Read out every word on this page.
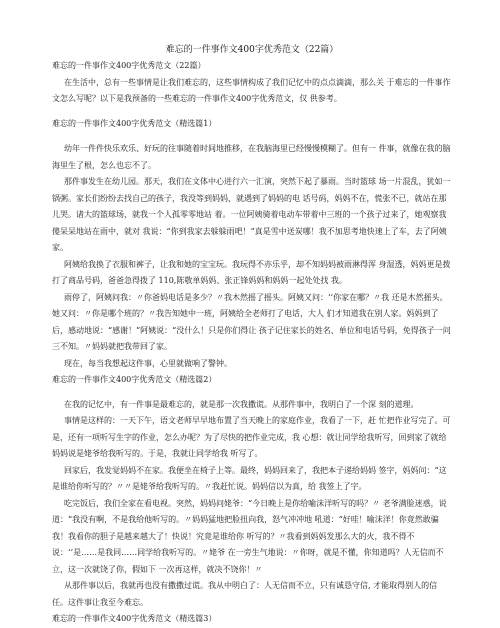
难忘的一件事作文400字优秀范文（22篇）
难忘的一件事作文400字优秀范文（22篇）
在生活中，总有一些事情是让我们难忘的，这些事情构成了我们记忆中的点点滴滴，那么关 于难忘的一件事作文怎么写呢？以下是我预备的一些难忘的一件事作文400字优秀范文，仅 供参考。
难忘的一件事作文400字优秀范文（精选篇1）
幼年一件件快乐欢乐、好玩的往事随着时间地推移，在我脑海里已经慢慢模糊了。但有一 件事，就像在我的脑海里生了根，怎么也忘不了。
那件事发生在幼儿园。那天，我们在文体中心进行六一汇演，突然下起了暴雨。当时篮球 场一片混乱，犹如一锅粥。家长们纷纷去找自己的孩子，我没等到妈妈，就遇到了妈妈的电 话号码，妈妈不在，慌张不已，就站在那儿哭。诸大的篮球场，就我一个人孤零零地站 着。一位阿姨骑着电动车带着中三班的一个孩子过来了，她观察我傻呆呆地站在雨中，就对 我说：“你到我家去躲躲雨吧！”真是雪中送炭哪！我不加思考地快速上了车，去了阿姨家。
阿姨给我换了衣服和裤子，让我和她的宝宝玩。我玩得不亦乐乎，却不知妈妈被雨淋得浑 身湿透，妈妈更是拨打了商品号码，爸爸急得拨了 110,陈敬单妈妈、张正锋妈妈和妈妈一起处处找 我。
雨停了，阿姨问我：〃你爸妈电话是多少？〃我木然摇了摇头。阿姨又问：‘‘你家在哪？〃我 还是木然摇头。她又问：〃你是哪个班的？〃我告知她中一班，阿姨给全老师打了电话，大人 们才知道我在别人家。妈妈到了后，感动地说：“感谢！”阿姨说：“没什么！只是你们得让 孩子记住家长的姓名、单位和电话号码，免得孩子一问三不知。〃妈妈就把我带回了家。
现在，每当我想起这件事，心里就做响了警钟。
难忘的一件事作文400字优秀范文（精选篇2）
在我的记忆中，有一件事是最难忘的，就是那一次我撒谎。从那件事中，我明白了一个深 刻的道理。
事情是这样的：一天下午，语文老师早早地布置了当天晚上的家庭作业，我看了一下，赶 忙把作业写完了。可是，还有一项听写生字的作业，怎么办呢？为了尽快的把作业完成，我 心想：就让同学给我听写，回到家了就给妈妈说是姥爷给我听写的。于是，我就让同学给我 听写了。
回家后，我发觉妈妈不在家。我便坐在椅子上等。最终，妈妈回来了，我把本子递给妈妈 签字，妈妈问：“这是谁给你听写的？〃〃是姥爷给我听写的。〃我赶忙说。妈妈信以为真，给 我签上了字。
吃完饭后，我们全家在看电视。突然，妈妈问姥爷：“今日晚上是你给喻沫洋听写的吗？〃 老爷满脸迷惑，说道：“我没有啊，不是我给他听写的。〃妈妈猛地把脸扭向我，怒气冲冲地 吼道：“好哇！喻沫洋！你竟然敢骗我！我看你的胆子是越来越大了！快说！究竟是谁给你 听写的？〃我看到妈妈发那么大的火，我不得不说：‘‘是……是我同……同学给我听写的。〃姥爷 在一旁生气地说：〃你呀，就是不懂，你知道吗？人无信而不立，这一次就饶了你，假如下 一次再这样，就决不饶你！〃
从那件事以后，我就再也没有撒撒过谎。我从中明白了：人无信而不立，只有诚恳守信, 才能取得别人的信任。这件事让我至今难忘。
难忘的一件事作文400字优秀范文（精选篇3）
